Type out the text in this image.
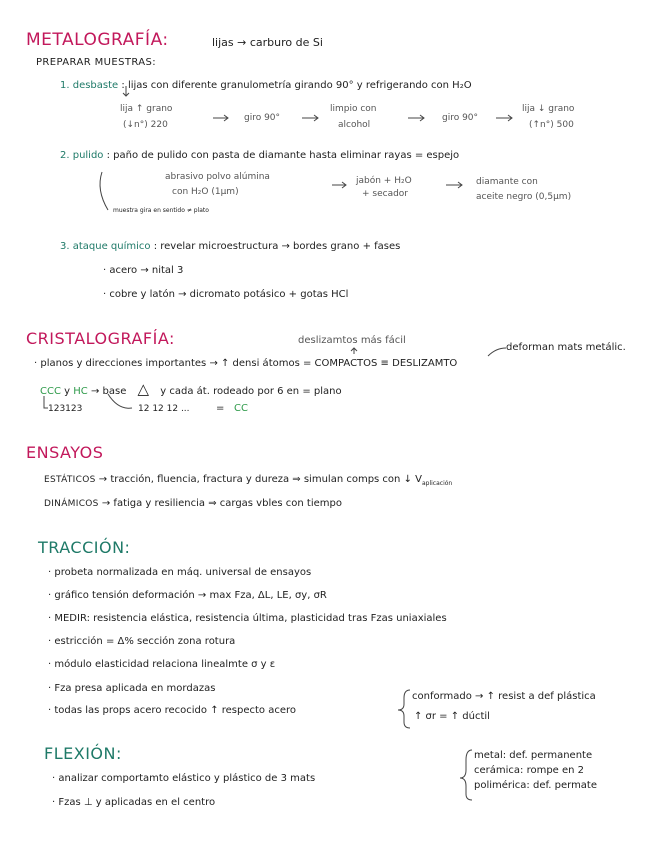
METALOGRAFÍA:	lijas → carburo de Si
PREPARAR MUESTRAS:
1. desbaste : lijas con diferente granulometría girando 90° y refrigerando con H₂O
lija ↑ grano
(↓n°) 220
giro 90°
limpio con
alcohol
giro 90°
lija ↓ grano
(↑n°) 500
2. pulido : paño de pulido con pasta de diamante hasta eliminar rayas = espejo
abrasivo polvo alúmina
con H₂O (1μm)
jabón + H₂O
+ secador
diamante con
aceite negro (0,5μm)
muestra gira en sentido ≠ plato
3. ataque químico : revelar microestructura → bordes grano + fases
· acero → nital 3
· cobre y latón → dicromato potásico + gotas HCl
CRISTALOGRAFÍA:	deslizamtos más fácil
deforman mats metálic.
· planos y direcciones importantes → ↑ densi átomos = COMPACTOS ≡ DESLIZAMTO
CCC y HC → base △ y cada át. rodeado por 6 en = plano
123123	12 12 12 ...	= CC
ENSAYOS
ESTÁTICOS → tracción, fluencia, fractura y dureza ⇒ simulan comps con ↓ $V_{aplicación}$
DINÁMICOS → fatiga y resiliencia ⇒ cargas vbles con tiempo
TRACCIÓN:
· probeta normalizada en máq. universal de ensayos
· gráfico tensión deformación → max Fza, ΔL, LE, σy, σR
· MEDIR: resistencia elástica, resistencia última, plasticidad tras Fzas uniaxiales
· estricción = Δ% sección zona rotura
· módulo elasticidad relaciona linealmte σ y ε
· Fza presa aplicada en mordazas
· todas las props acero recocido ↑ respecto acero
conformado → ↑ resist a def plástica
↑ σr = ↑ dúctil
FLEXIÓN:
· analizar comportamto elástico y plástico de 3 mats
· Fzas ⊥ y aplicadas en el centro
metal: def. permanente
cerámica: rompe en 2
polimérica: def. permate
